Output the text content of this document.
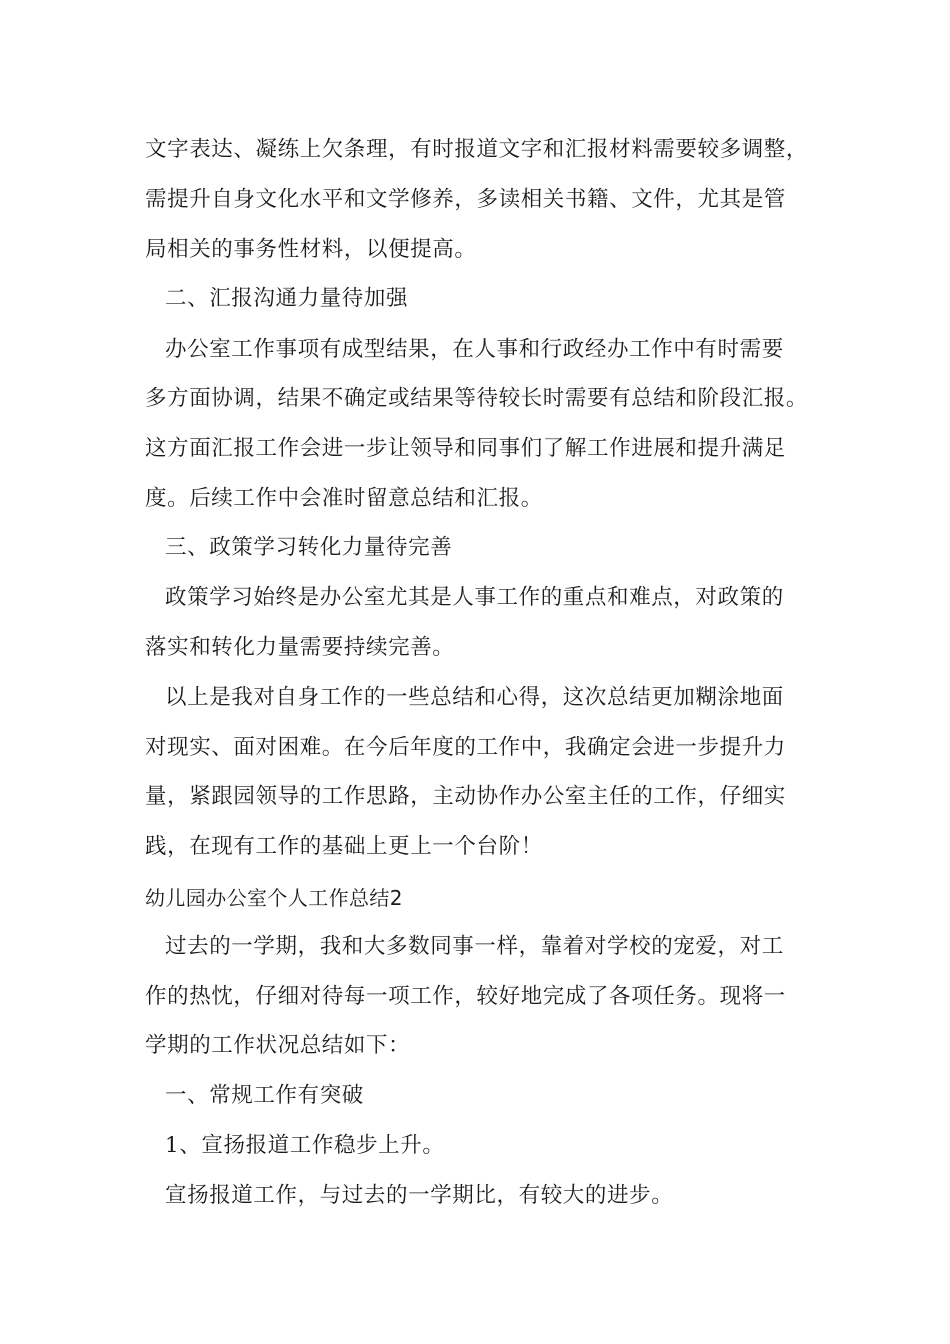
文字表达、凝练上欠条理，有时报道文字和汇报材料需要较多调整，
需提升自身文化水平和文学修养，多读相关书籍、文件，尤其是管
局相关的事务性材料，以便提高。
二、汇报沟通力量待加强
办公室工作事项有成型结果，在人事和行政经办工作中有时需要
多方面协调，结果不确定或结果等待较长时需要有总结和阶段汇报。
这方面汇报工作会进一步让领导和同事们了解工作进展和提升满足
度。后续工作中会准时留意总结和汇报。
三、政策学习转化力量待完善
政策学习始终是办公室尤其是人事工作的重点和难点，对政策的
落实和转化力量需要持续完善。
以上是我对自身工作的一些总结和心得，这次总结更加糊涂地面
对现实、面对困难。在今后年度的工作中，我确定会进一步提升力
量，紧跟园领导的工作思路，主动协作办公室主任的工作，仔细实
践，在现有工作的基础上更上一个台阶！
幼儿园办公室个人工作总结2
过去的一学期，我和大多数同事一样，靠着对学校的宠爱，对工
作的热忱，仔细对待每一项工作，较好地完成了各项任务。现将一
学期的工作状况总结如下：
一、常规工作有突破
1、宣扬报道工作稳步上升。
宣扬报道工作，与过去的一学期比，有较大的进步。
